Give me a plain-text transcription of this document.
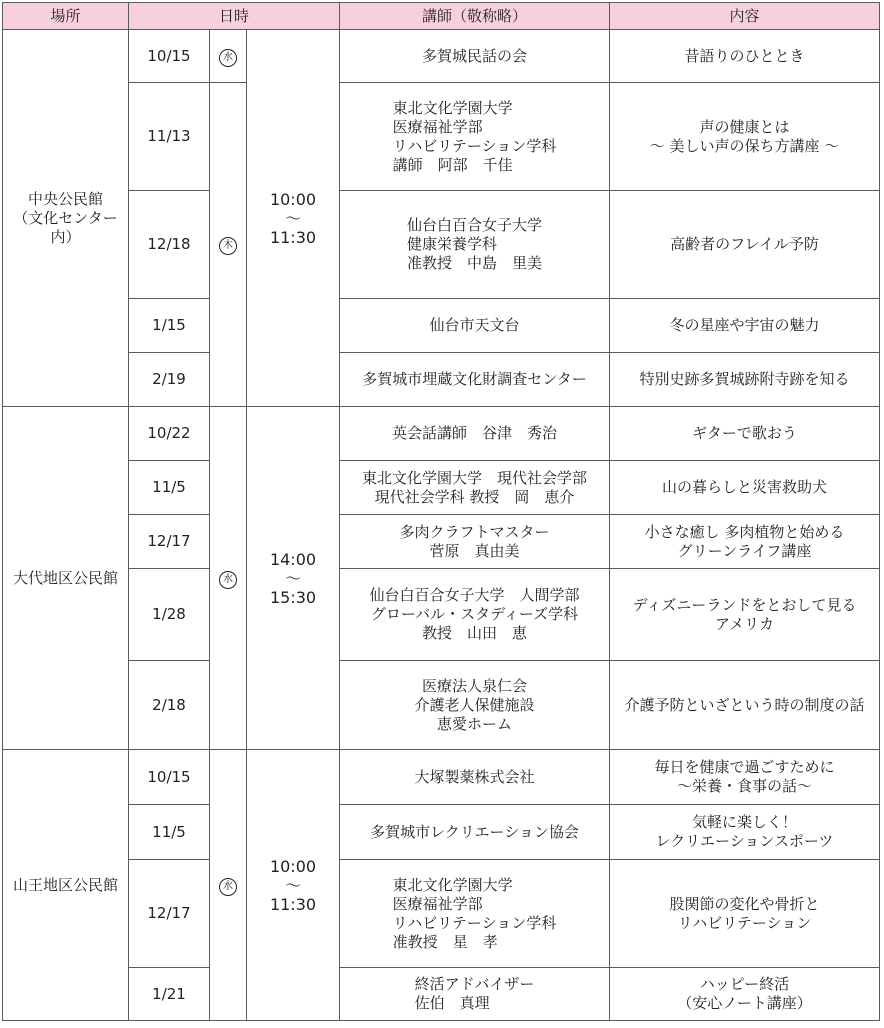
場所	日時			講師（敬称略）	内容
中央公民館
（文化センター
内）	10/15	水	10:00
～
11:30	多賀城民話の会	昔語りのひととき
	11/13	木		東北文化学園大学
医療福祉学部
リハビリテーション学科
講師　阿部　千佳	声の健康とは
～ 美しい声の保ち方講座 ～
	12/18			仙台白百合女子大学
健康栄養学科
准教授　中島　里美	高齢者のフレイル予防
	1/15			仙台市天文台	冬の星座や宇宙の魅力
	2/19			多賀城市埋蔵文化財調査センター	特別史跡多賀城跡附寺跡を知る
大代地区公民館	10/22	水	14:00
～
15:30	英会話講師　谷津　秀治	ギターで歌おう
	11/5			東北文化学園大学　現代社会学部
現代社会学科 教授　岡　恵介	山の暮らしと災害救助犬
	12/17			多肉クラフトマスター
菅原　真由美	小さな癒し 多肉植物と始める
グリーンライフ講座
	1/28			仙台白百合女子大学　人間学部
グローバル・スタディーズ学科
教授　山田　恵	ディズニーランドをとおして見る
アメリカ
	2/18			医療法人泉仁会
介護老人保健施設
恵愛ホーム	介護予防といざという時の制度の話
山王地区公民館	10/15	水	10:00
～
11:30	大塚製薬株式会社	毎日を健康で過ごすために
～栄養・食事の話～
	11/5			多賀城市レクリエーション協会	気軽に楽しく！
レクリエーションスポーツ
	12/17			東北文化学園大学
医療福祉学部
リハビリテーション学科
准教授　星　孝	股関節の変化や骨折と
リハビリテーション
	1/21			終活アドバイザー
佐伯　真理	ハッピー終活
（安心ノート講座）
